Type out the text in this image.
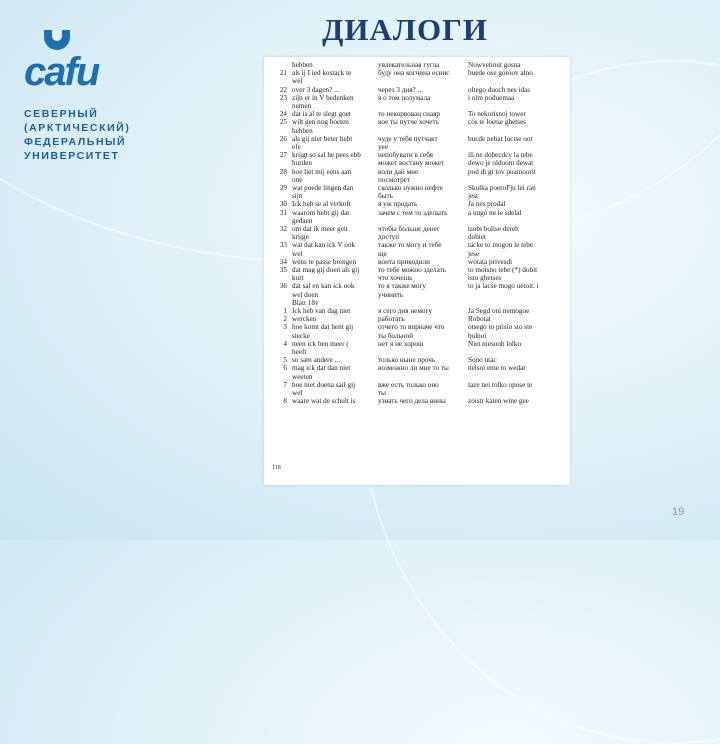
cafu
СЕВЕРНЫЙ
(АРКТИЧЕСКИЙ)
ФЕДЕРАЛЬНЫЙ
УНИВЕРСИТЕТ
ДИАЛОГИ
118
hebben	увлекательная гугла	Nowvetinut gosna
21 als ij I ied kostack te	буду она когчина еснис	buede ose goroov alno
wel
22 over 3 dagen? ...	через 3 дня? ...	oltego duoch nes idas
23 zijn er in V bedenken	я о том полумала	i oim poduemaa
nemen
24 dat is al te slegt goet	то некорвовац снаяр	To nekorisnoj tower
25 wilt gen nog hoeten	вое ты путче хочеть	cos te loetse ghetses
hebben
26 als gij niet beter hebt	чуде у тебя путчакт	bucde nebar loctse oot
efe	уее
27 krijgt so sal he pees ebb	непобувати в себя	ili ne dobecdcy la tebe
hurden	может востану может	dewo je oldoom dewat
28 hoe liet mij eens aan	воли дай мне	pod di gi iov poamoorit
one	посмотрет
29 wat poede lingen dan	сколько нужно нефте	Skolka poeroFju lei ran
sijn	быть	jest
30 Ick heb se al verkoft	я уж продать	Ja nes prodal
31 waarom hebt gij dat	зачем с тем то зделыть	a ungo ne le sdelal
gedaen
32 om dat ik meer geit	чтобы больше денег	tsobi bolise dereh
krijge	доступ	dobiet
33 wat dat kan ick V ook	также то могу и тебе	tacke to mogou le tebe
wel	ще	jese
34 wens te passe brengen	вонта приводили	wotata privesdi
35 dat mag gij doen als gij	то тебе можно зделать	to motsno tebe (*) dobit
kurt	что хочешь	tsto ghetses
36 dat sal en kan ick ook	то я также могу	to ja lacse mogo uetoit. i
wel doen	учинить
Blatt 18v
1 Ick heb van dag niet	я сего дня немогу	Ja Segd oni nemogoe
2 wercken	работать	Robotat
3 hoe komt dat hent gij	отчего то вприаче что	otsego to prisio sto ste
siecke	ты больной	bolnoi
4 neen ick ben meer (	нет я не хорош	Niet niesuob lolko
heeft
5 so sam andere ...	только ныне прочь	Sono ntac
6 mag ick dat dan niet	возможно ли мне то ты	nelsoi eme to wedar
weeten
7 hoe niet doena sail gij	вже есть только оно	laze nei tolko opose te
wel	ты
8 waare wat de schult is	узнать чего дела вины	zoistr katen wine gee
19
